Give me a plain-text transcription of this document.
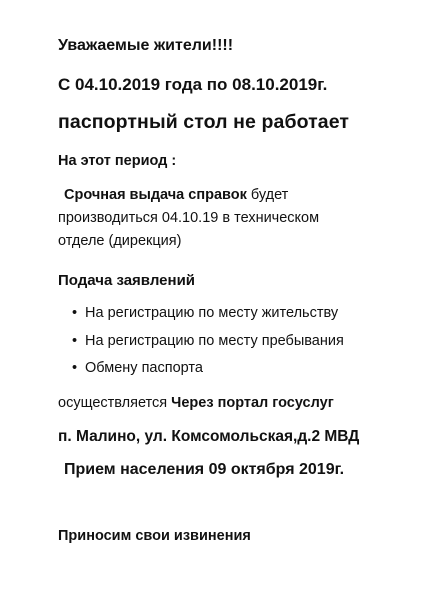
Уважаемые жители!!!!
С 04.10.2019 года по 08.10.2019г.
паспортный стол не работает
На этот период :
Срочная выдача справок будет
производиться 04.10.19 в техническом
отделе (дирекция)
Подача заявлений
• На регистрацию по месту жительству
• На регистрацию по месту пребывания
• Обмену паспорта
осуществляется Через портал госуслуг
п. Малино, ул. Комсомольская,д.2 МВД
Прием населения 09 октября 2019г.
Приносим свои извинения
